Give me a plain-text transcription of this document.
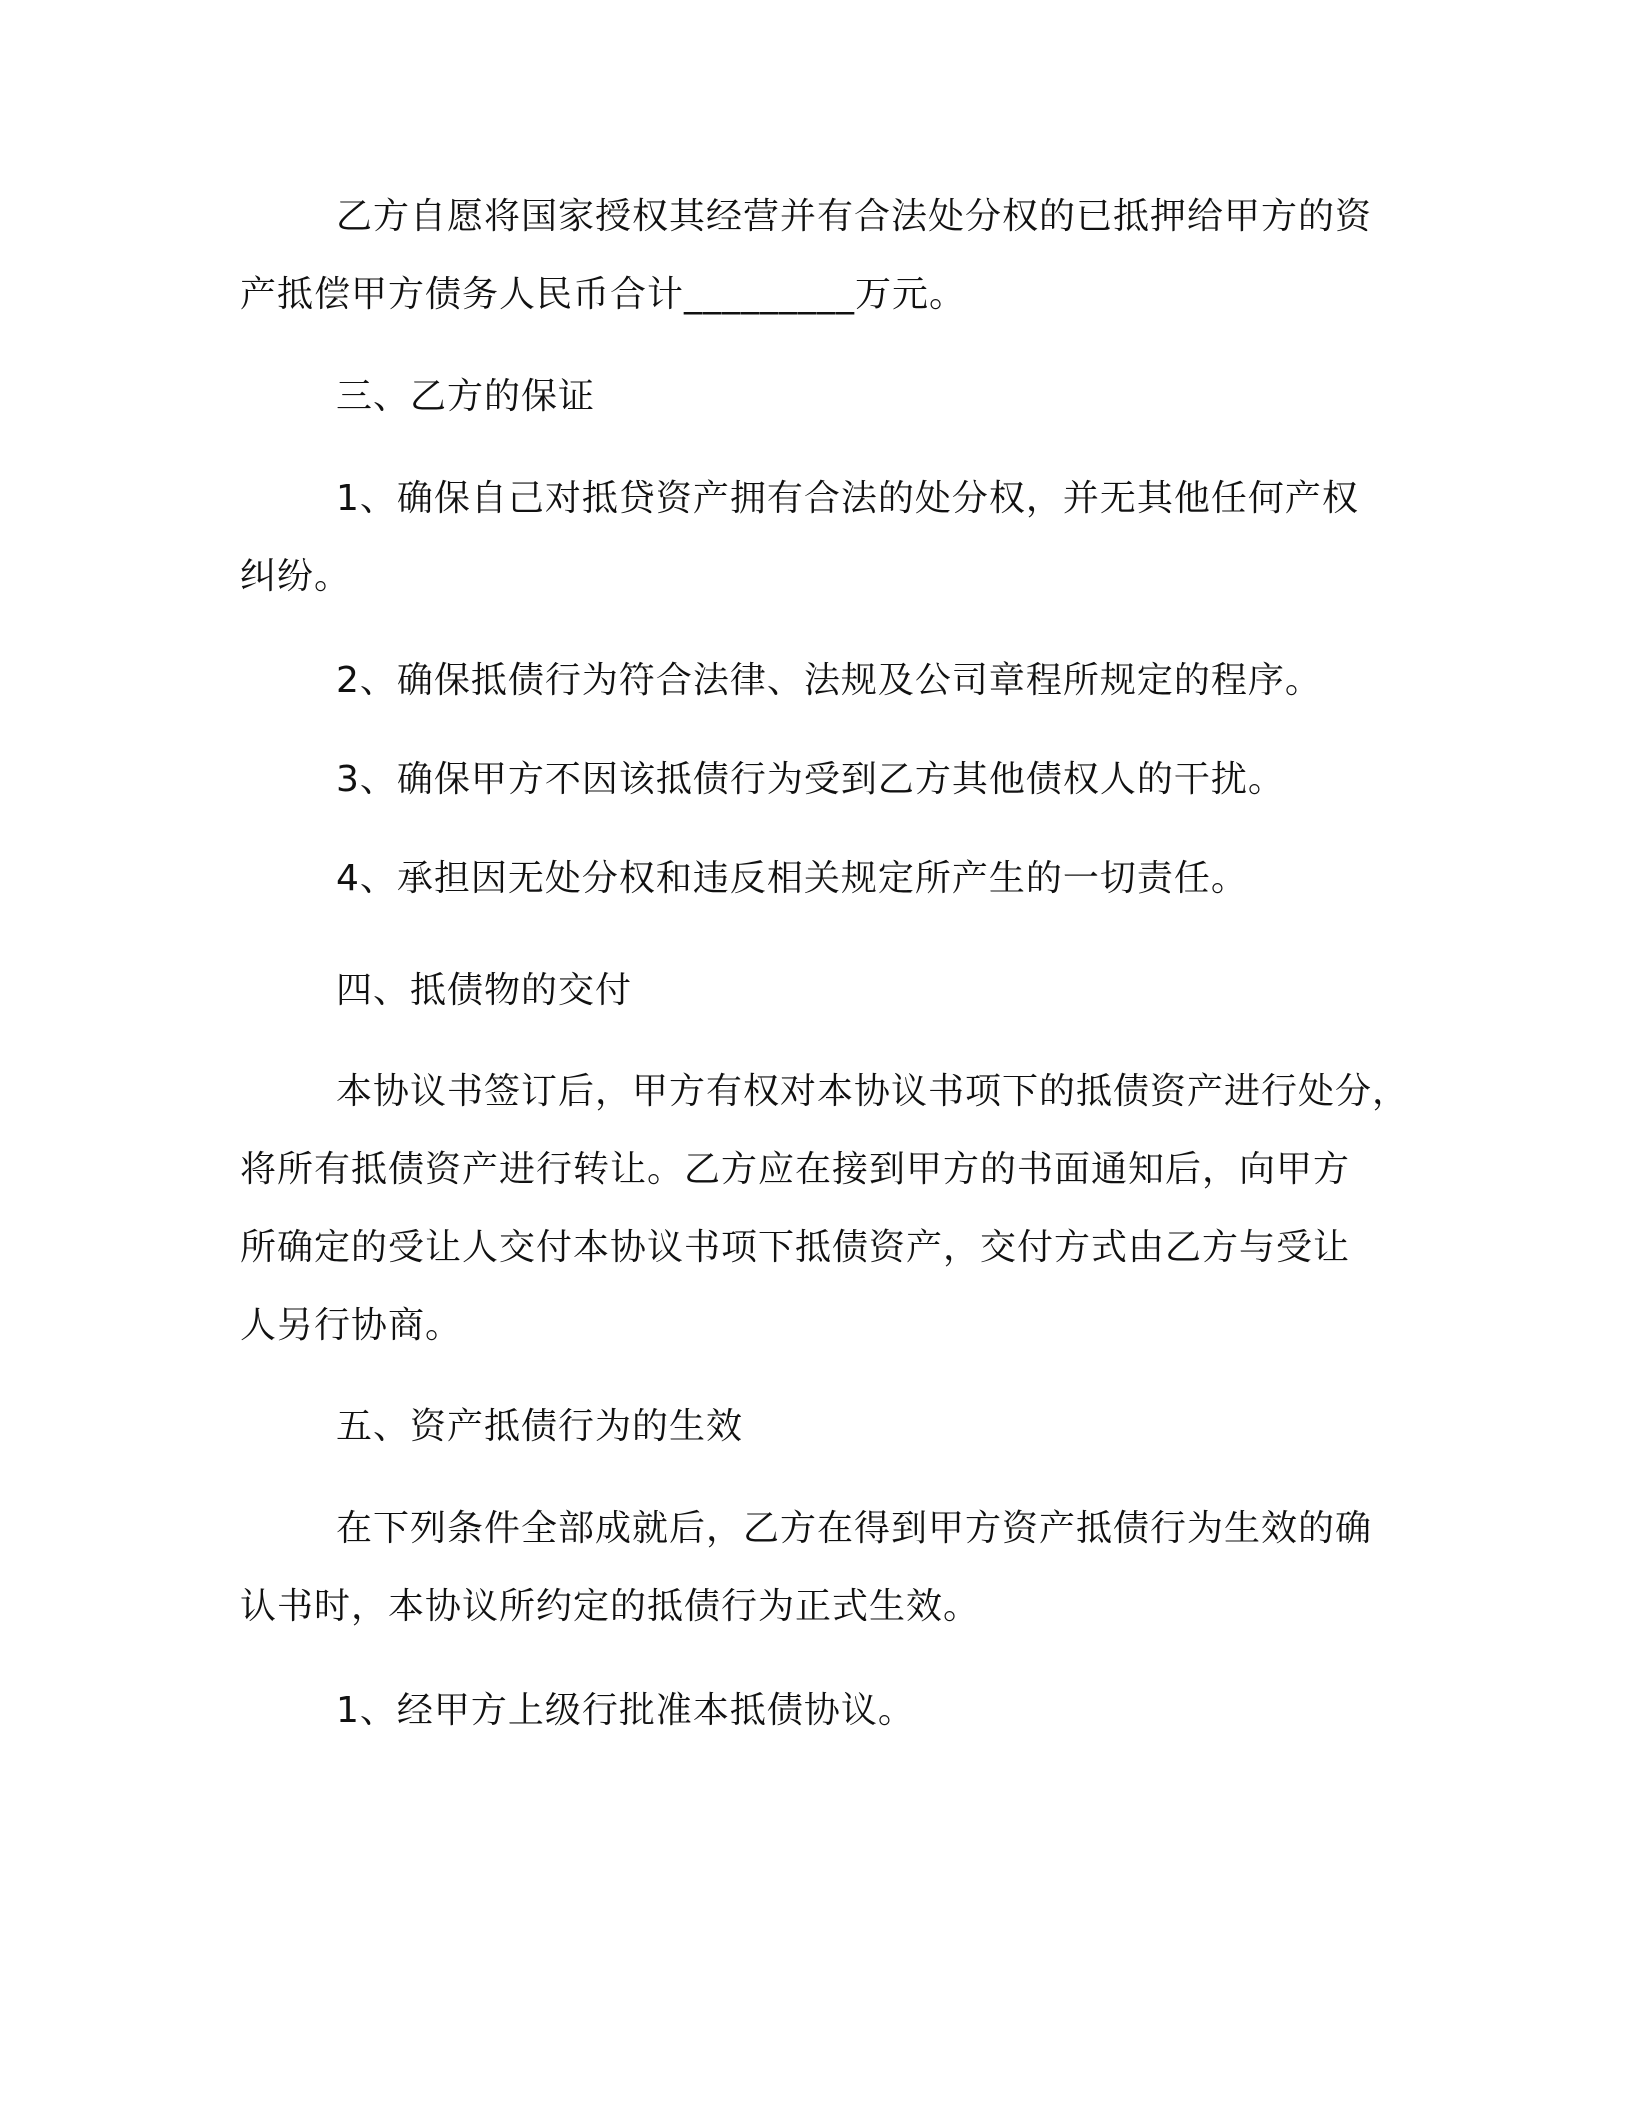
乙方自愿将国家授权其经营并有合法处分权的已抵押给甲方的资
产抵偿甲方债务人民币合计_________万元。
三、乙方的保证
1、确保自己对抵贷资产拥有合法的处分权，并无其他任何产权
纠纷。
2、确保抵债行为符合法律、法规及公司章程所规定的程序。
3、确保甲方不因该抵债行为受到乙方其他债权人的干扰。
4、承担因无处分权和违反相关规定所产生的一切责任。
四、抵债物的交付
本协议书签订后，甲方有权对本协议书项下的抵债资产进行处分，
将所有抵债资产进行转让。乙方应在接到甲方的书面通知后，向甲方
所确定的受让人交付本协议书项下抵债资产，交付方式由乙方与受让
人另行协商。
五、资产抵债行为的生效
在下列条件全部成就后，乙方在得到甲方资产抵债行为生效的确
认书时，本协议所约定的抵债行为正式生效。
1、经甲方上级行批准本抵债协议。
